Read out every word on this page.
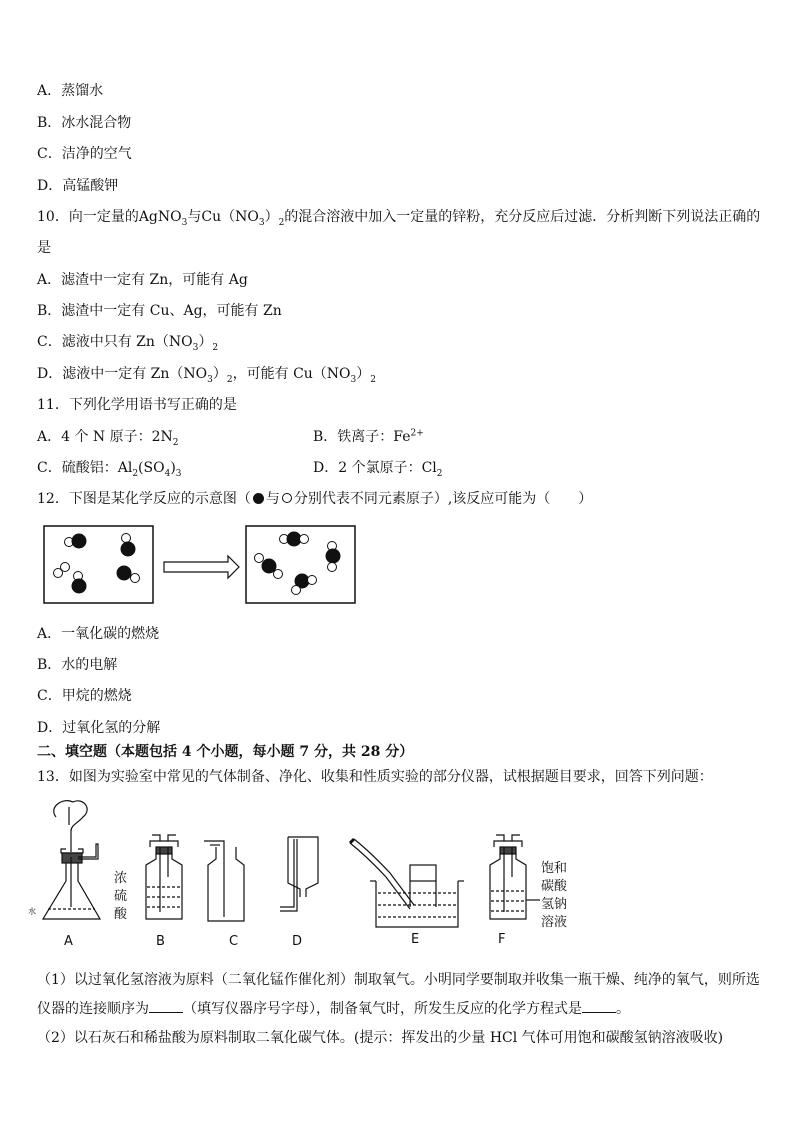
A．蒸馏水
B．冰水混合物
C．洁净的空气
D．高锰酸钾
10．向一定量的AgNO$_3$与$Cu(NO_3)_2$的混合溶液中加入一定量的锌粉，充分反应后过滤．分析判断下列说法正确的
是
A．滤渣中一定有 Zn，可能有 Ag
B．滤渣中一定有 Cu、Ag，可能有 Zn
C．滤液中只有 $Zn(NO_3)_2$
D．滤液中一定有 $Zn(NO_3)_2$，可能有 $Cu(NO_3)_2$
11．下列化学用语书写正确的是
A．4 个 N 原子：$2N_2$	B．铁离子：$Fe^{2+}$
C．硫酸铝：$Al_2(SO_4)_3$	D．2 个氯原子：$Cl_2$
12．下图是某化学反应的示意图（ 与 分别代表不同元素原子）,该反应可能为（　　）
A．一氧化碳的燃烧
B．水的电解
C．甲烷的燃烧
D．过氧化氢的分解
二、填空题（本题包括 4 个小题，每小题 7 分，共 28 分）
13．如图为实验室中常见的气体制备、净化、收集和性质实验的部分仪器，试根据题目要求，回答下列问题：
水
A	B	C	D	E	F
浓
硫
酸
饱和
碳酸
氢钠
溶液
（1）以过氧化氢溶液为原料（二氧化锰作催化剂）制取氧气。小明同学要制取并收集一瓶干燥、纯净的氧气，则所选
仪器的连接顺序为 （填写仪器序号字母），制备氧气时，所发生反应的化学方程式是 。
（2）以石灰石和稀盐酸为原料制取二氧化碳气体。(提示：挥发出的少量 HCl 气体可用饱和碳酸氢钠溶液吸收)
